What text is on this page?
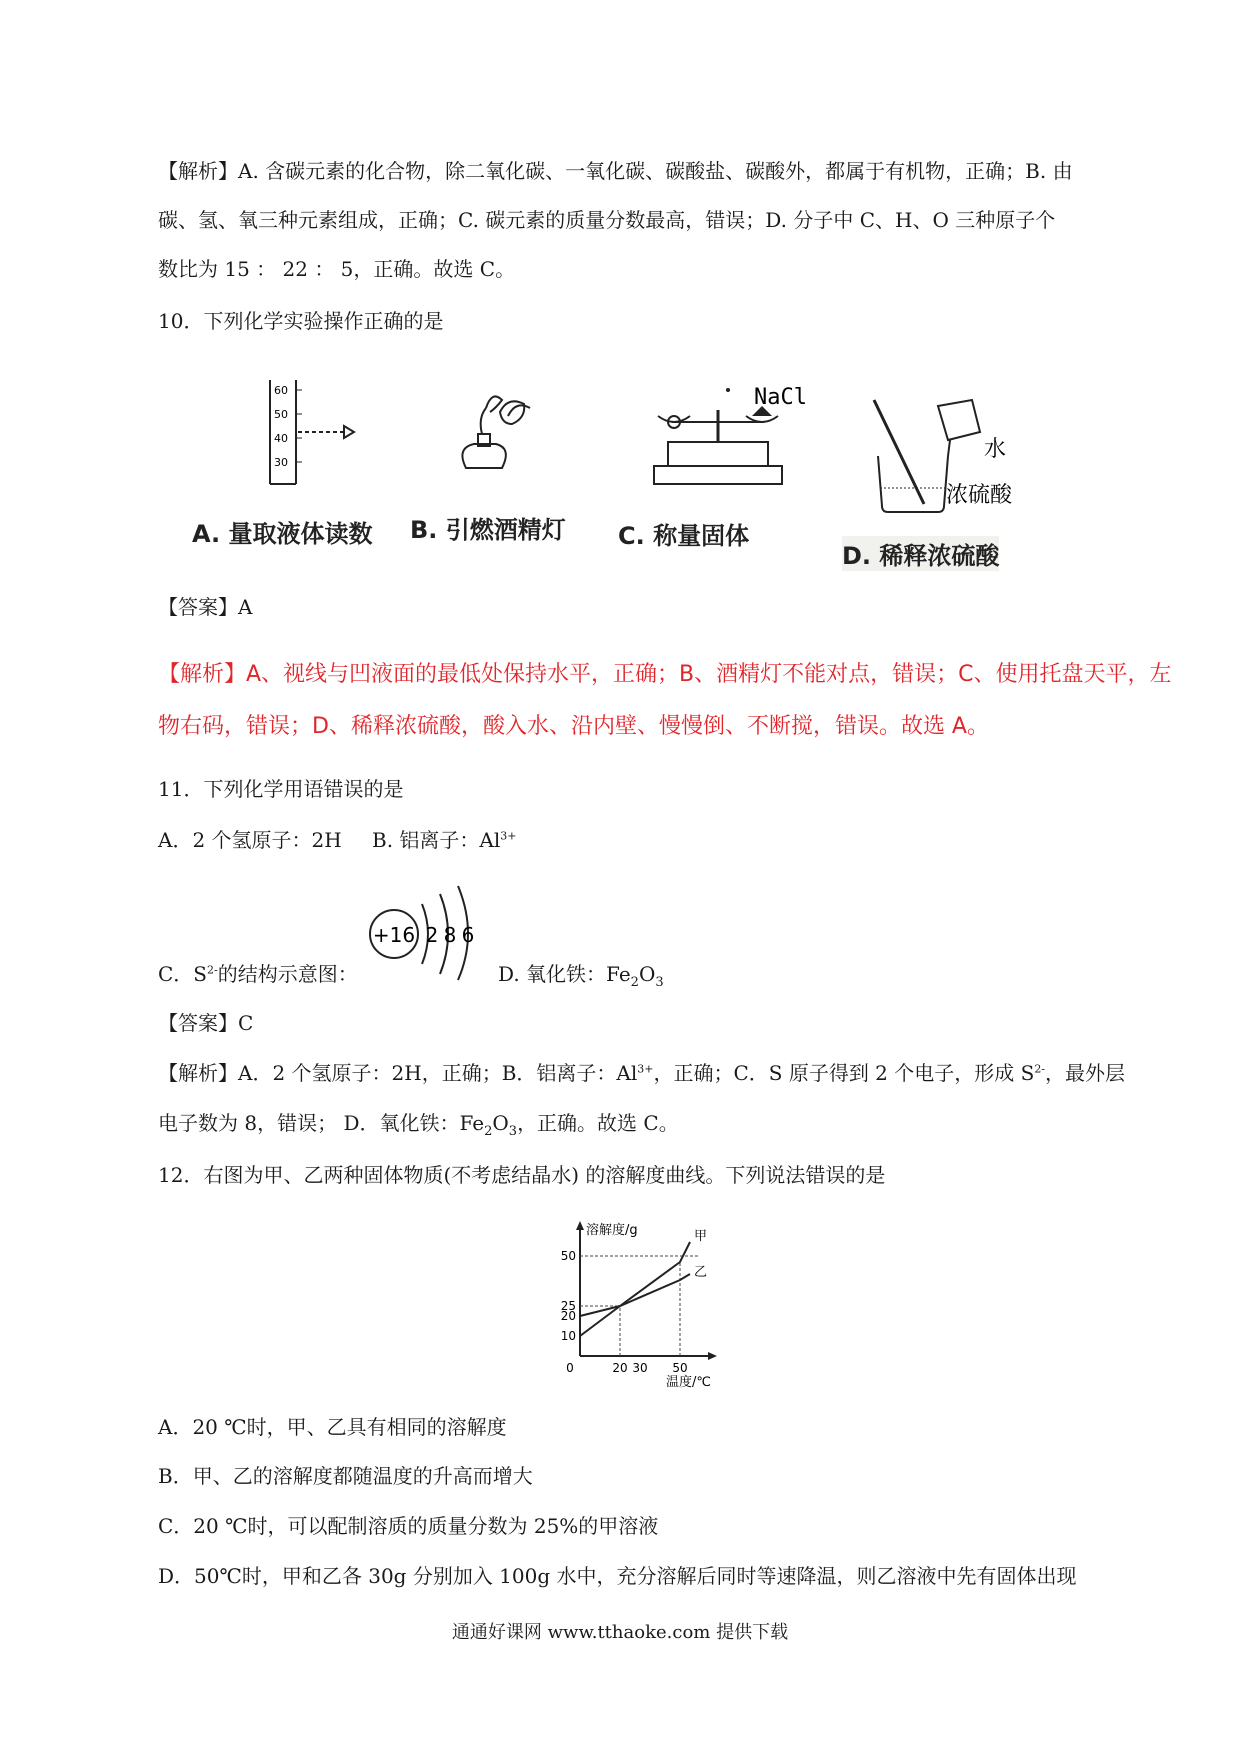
【解析】A. 含碳元素的化合物，除二氧化碳、一氧化碳、碳酸盐、碳酸外，都属于有机物，正确；B. 由
碳、氢、氧三种元素组成，正确；C. 碳元素的质量分数最高，错误；D. 分子中 C、H、O 三种原子个
数比为 15 ： 22 ： 5，正确。故选 C。
10．下列化学实验操作正确的是
60
50
40
30
NaCl
水
浓硫酸
A. 量取液体读数 B. 引燃酒精灯 C. 称量固体
D. 稀释浓硫酸
【答案】A
【解析】A、视线与凹液面的最低处保持水平，正确；B、酒精灯不能对点，错误；C、使用托盘天平，左
物右码，错误；D、稀释浓硫酸，酸入水、沿内壁、慢慢倒、不断搅，错误。故选 A。
11．下列化学用语错误的是
A．2 个氢原子：2H B. 铝离子：$Al^{3+}$
+16 2 8 6
C．$S^{2-}$的结构示意图：	D. 氧化铁：$Fe_2O_3$
【答案】C
【解析】A．2 个氢原子：2H，正确；B．铝离子：$Al^{3+}$，正确；C．S 原子得到 2 个电子，形成 $S^{2-}$，最外层
电子数为 8，错误； D．氧化铁：$Fe_2O_3$，正确。故选 C。
12．右图为甲、乙两种固体物质(不考虑结晶水) 的溶解度曲线。下列说法错误的是
10
20
25
50
0	20 30 50
甲
乙
溶解度/g
温度/℃
A．20 ℃时，甲、乙具有相同的溶解度
B．甲、乙的溶解度都随温度的升高而增大
C．20 ℃时，可以配制溶质的质量分数为 25%的甲溶液
D．50℃时，甲和乙各 30g 分别加入 100g 水中，充分溶解后同时等速降温，则乙溶液中先有固体出现
通通好课网 www.tthaoke.com 提供下载
